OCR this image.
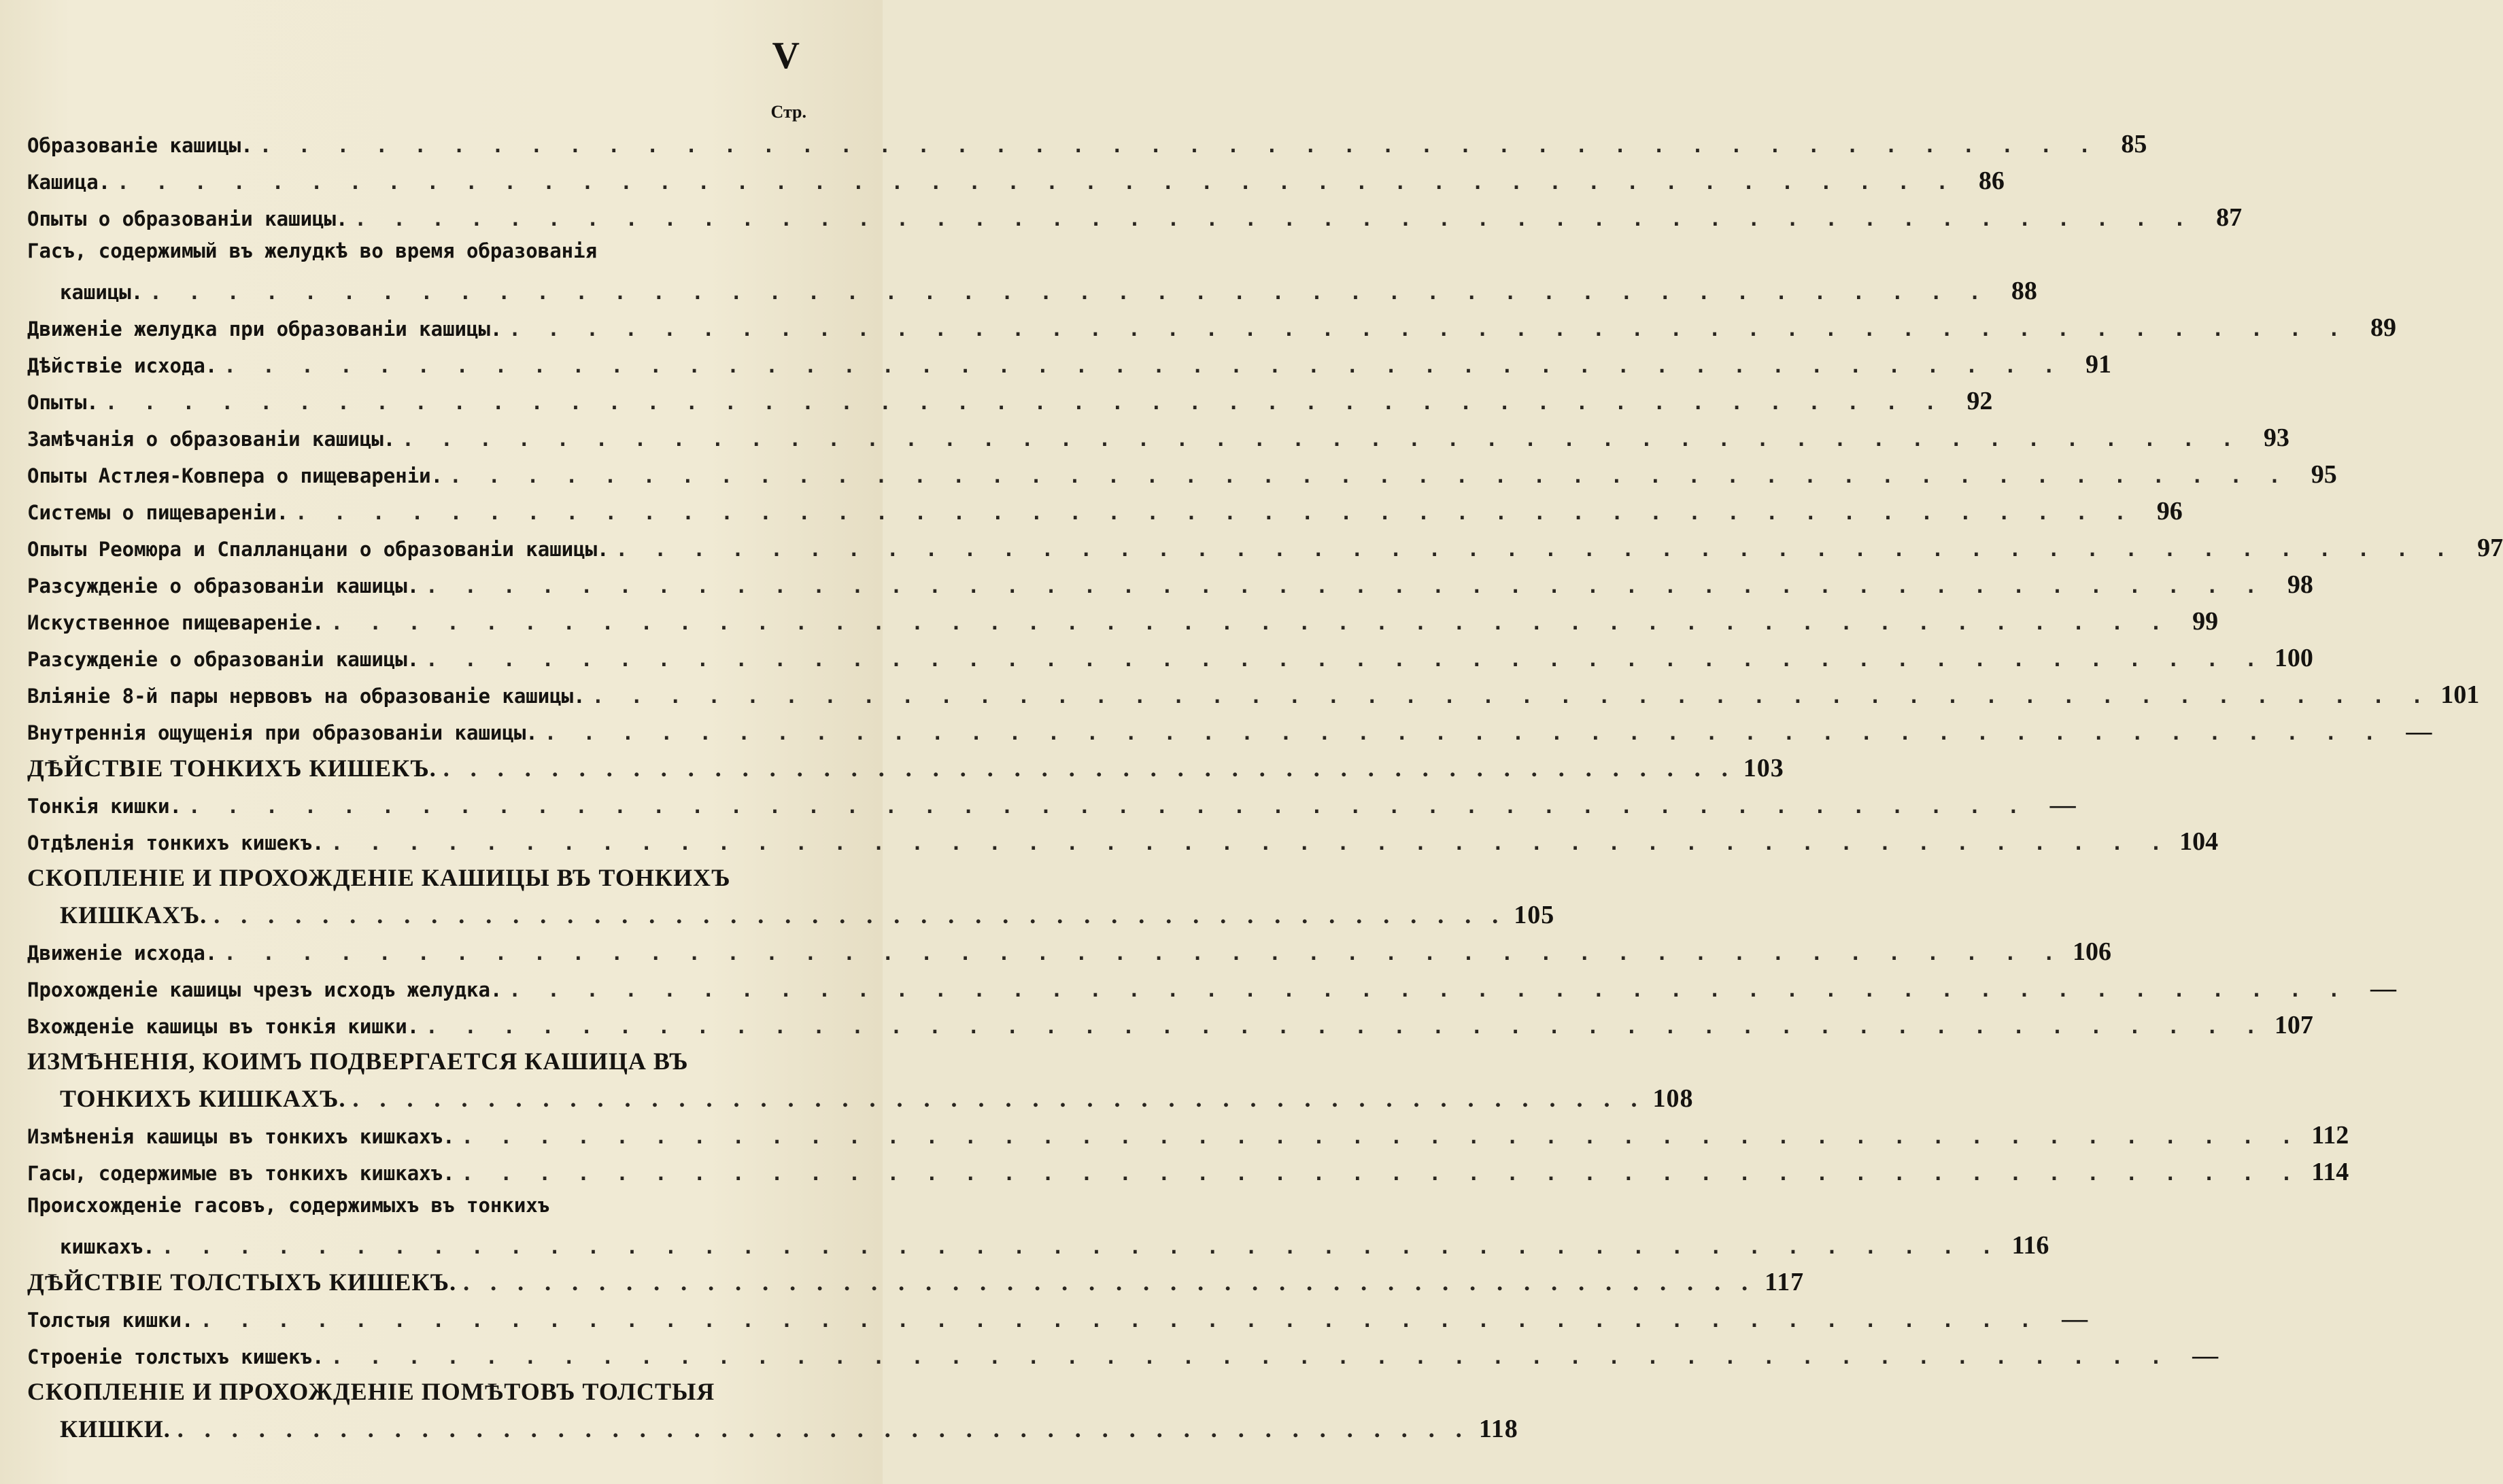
V
Стр.
Образованіе кашицы. . . . . . . . . . . . . . . . . . . . . . . . . . . . . . . . . . . . . . . . . . . . . . . . . 85
Кашица. . . . . . . . . . . . . . . . . . . . . . . . . . . . . . . . . . . . . . . . . . . . . . . . . 86
Опыты о образованіи кашицы. . . . . . . . . . . . . . . . . . . . . . . . . . . . . . . . . . . . . . . . . . . . . . . . . 87
Гасъ, содержимый въ желудкѣ во время образованія
кашицы. . . . . . . . . . . . . . . . . . . . . . . . . . . . . . . . . . . . . . . . . . . . . . . . . 88
Движеніе желудка при образованіи кашицы. . . . . . . . . . . . . . . . . . . . . . . . . . . . . . . . . . . . . . . . . . . . . . . . . 89
Дѣйствіе исхода. . . . . . . . . . . . . . . . . . . . . . . . . . . . . . . . . . . . . . . . . . . . . . . . . 91
Опыты. . . . . . . . . . . . . . . . . . . . . . . . . . . . . . . . . . . . . . . . . . . . . . . . . 92
Замѣчанія о образованіи кашицы. . . . . . . . . . . . . . . . . . . . . . . . . . . . . . . . . . . . . . . . . . . . . . . . . 93
Опыты Астлея-Ковпера о пищевареніи. . . . . . . . . . . . . . . . . . . . . . . . . . . . . . . . . . . . . . . . . . . . . . . . . 95
Системы о пищевареніи. . . . . . . . . . . . . . . . . . . . . . . . . . . . . . . . . . . . . . . . . . . . . . . . . 96
Опыты Реомюра и Спалланцани о образованіи кашицы. . . . . . . . . . . . . . . . . . . . . . . . . . . . . . . . . . . . . . . . . . . . . . . . . 97
Разсужденіе о образованіи кашицы. . . . . . . . . . . . . . . . . . . . . . . . . . . . . . . . . . . . . . . . . . . . . . . . . 98
Искуственное пищевареніе. . . . . . . . . . . . . . . . . . . . . . . . . . . . . . . . . . . . . . . . . . . . . . . . . 99
Разсужденіе о образованіи кашицы. . . . . . . . . . . . . . . . . . . . . . . . . . . . . . . . . . . . . . . . . . . . . . . . . 100
Вліяніе 8-й пары нервовъ на образованіе кашицы. . . . . . . . . . . . . . . . . . . . . . . . . . . . . . . . . . . . . . . . . . . . . . . . . 101
Внутреннія ощущенія при образованіи кашицы. . . . . . . . . . . . . . . . . . . . . . . . . . . . . . . . . . . . . . . . . . . . . . . . . —
ДѢЙСТВІЕ ТОНКИХЪ КИШЕКЪ. . . . . . . . . . . . . . . . . . . . . . . . . . . . . . . . . . . . . . . . . . . . . . . . . 103
Тонкія кишки. . . . . . . . . . . . . . . . . . . . . . . . . . . . . . . . . . . . . . . . . . . . . . . . . —
Отдѣленія тонкихъ кишекъ. . . . . . . . . . . . . . . . . . . . . . . . . . . . . . . . . . . . . . . . . . . . . . . . . 104
СКОПЛЕНІЕ И ПРОХОЖДЕНІЕ КАШИЦЫ ВЪ ТОНКИХЪ
КИШКАХЪ. . . . . . . . . . . . . . . . . . . . . . . . . . . . . . . . . . . . . . . . . . . . . . . . . 105
Движеніе исхода. . . . . . . . . . . . . . . . . . . . . . . . . . . . . . . . . . . . . . . . . . . . . . . . . 106
Прохожденіе кашицы чрезъ исходъ желудка. . . . . . . . . . . . . . . . . . . . . . . . . . . . . . . . . . . . . . . . . . . . . . . . . —
Вхожденіе кашицы въ тонкія кишки. . . . . . . . . . . . . . . . . . . . . . . . . . . . . . . . . . . . . . . . . . . . . . . . . 107
ИЗМѢНЕНІЯ, КОИМЪ ПОДВЕРГАЕТСЯ КАШИЦА ВЪ
ТОНКИХЪ КИШКАХЪ. . . . . . . . . . . . . . . . . . . . . . . . . . . . . . . . . . . . . . . . . . . . . . . . . 108
Измѣненія кашицы въ тонкихъ кишкахъ. . . . . . . . . . . . . . . . . . . . . . . . . . . . . . . . . . . . . . . . . . . . . . . . . 112
Гасы, содержимые въ тонкихъ кишкахъ. . . . . . . . . . . . . . . . . . . . . . . . . . . . . . . . . . . . . . . . . . . . . . . . . 114
Происхожденіе гасовъ, содержимыхъ въ тонкихъ
кишкахъ. . . . . . . . . . . . . . . . . . . . . . . . . . . . . . . . . . . . . . . . . . . . . . . . . 116
ДѢЙСТВІЕ ТОЛСТЫХЪ КИШЕКЪ. . . . . . . . . . . . . . . . . . . . . . . . . . . . . . . . . . . . . . . . . . . . . . . . . 117
Толстыя кишки. . . . . . . . . . . . . . . . . . . . . . . . . . . . . . . . . . . . . . . . . . . . . . . . . —
Строеніе толстыхъ кишекъ. . . . . . . . . . . . . . . . . . . . . . . . . . . . . . . . . . . . . . . . . . . . . . . . . —
СКОПЛЕНІЕ И ПРОХОЖДЕНІЕ ПОМѢТОВЪ ТОЛСТЫЯ
КИШКИ. . . . . . . . . . . . . . . . . . . . . . . . . . . . . . . . . . . . . . . . . . . . . . . . . 118
